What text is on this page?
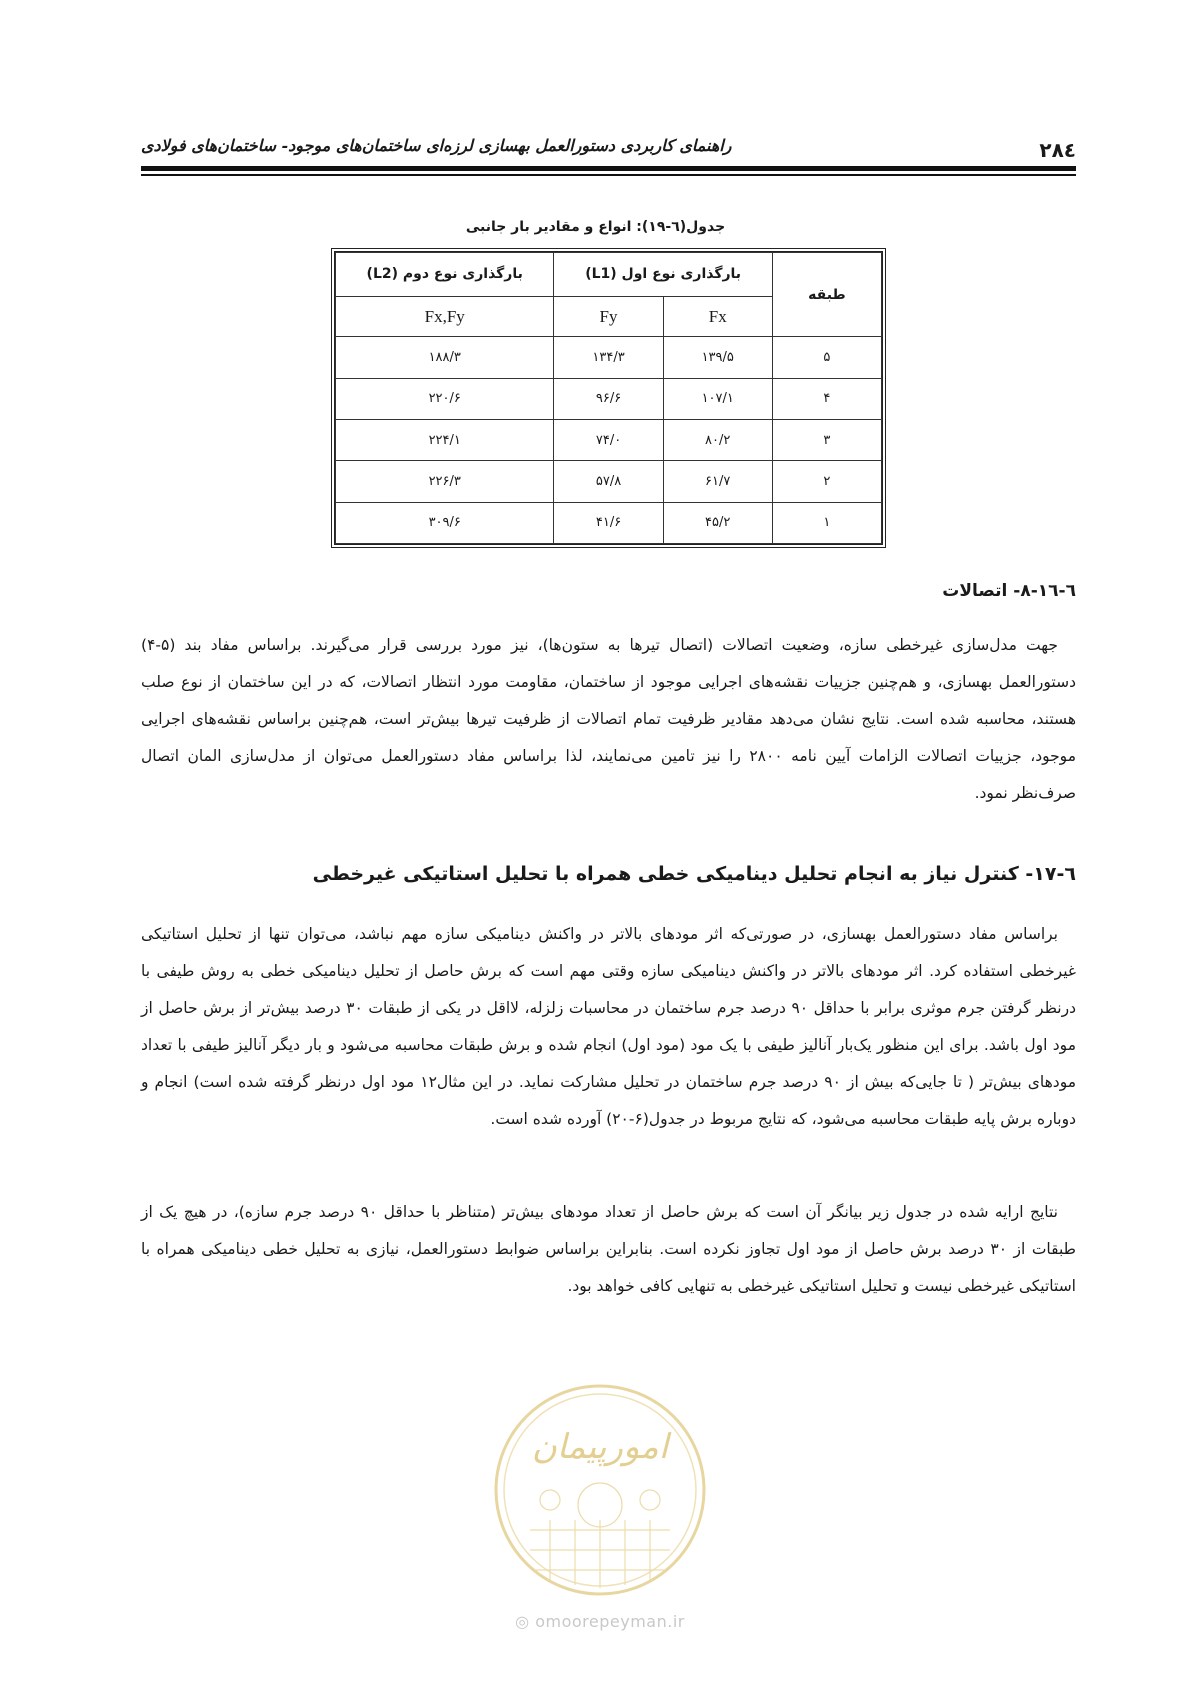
۲۸٤
راهنمای کاربردی دستورالعمل بهسازی لرزه‌ای ساختمان‌های موجود- ساختمان‌های فولادی
جدول(٦-١٩): انواع و مقادیر بار جانبی
طبقه	بارگذاری نوع اول (L1)		بارگذاری نوع دوم (L2)
	Fx	Fy	Fx,Fy
۵	۱۳۹/۵	۱۳۴/۳	۱۸۸/۳
۴	۱۰۷/۱	۹۶/۶	۲۲۰/۶
۳	۸۰/۲	۷۴/۰	۲۲۴/۱
۲	۶۱/۷	۵۷/۸	۲۲۶/۳
۱	۴۵/۲	۴۱/۶	۳۰۹/۶
٦-١٦-٨- اتصالات
جهت مدل‌سازی غیرخطی سازه، وضعیت اتصالات (اتصال تیرها به ستون‌ها)، نیز مورد بررسی قرار می‌گیرند. براساس مفاد بند (۵-۴) دستورالعمل بهسازی، و هم‌چنین جزییات نقشه‌های اجرایی موجود از ساختمان، مقاومت مورد انتظار اتصالات، که در این ساختمان از نوع صلب هستند، محاسبه شده است. نتایج نشان می‌دهد مقادیر ظرفیت تمام اتصالات از ظرفیت تیرها بیش‌تر است، هم‌چنین براساس نقشه‌های اجرایی موجود، جزییات اتصالات الزامات آیین نامه ۲۸۰۰ را نیز تامین می‌نمایند، لذا براساس مفاد دستورالعمل می‌توان از مدل‌سازی المان اتصال صرف‌نظر نمود.
٦-١٧- کنترل نیاز به انجام تحلیل دینامیکی خطی همراه با تحلیل استاتیکی غیرخطی
براساس مفاد دستورالعمل بهسازی، در صورتی‌که اثر مودهای بالاتر در واکنش دینامیکی سازه مهم نباشد، می‌توان تنها از تحلیل استاتیکی غیرخطی استفاده کرد. اثر مودهای بالاتر در واکنش دینامیکی سازه وقتی مهم است که برش حاصل از تحلیل دینامیکی خطی به روش طیفی با درنظر گرفتن جرم موثری برابر با حداقل ۹۰ درصد جرم ساختمان در محاسبات زلزله، لااقل در یکی از طبقات ۳۰ درصد بیش‌تر از برش حاصل از مود اول باشد. برای این منظور یک‌بار آنالیز طیفی با یک مود (مود اول) انجام شده و برش طبقات محاسبه می‌شود و بار دیگر آنالیز طیفی با تعداد مودهای بیش‌تر ( تا جایی‌که بیش از ۹۰ درصد جرم ساختمان در تحلیل مشارکت نماید. در این مثال۱۲ مود اول درنظر گرفته شده است) انجام و دوباره برش پایه طبقات محاسبه می‌شود، که نتایج مربوط در جدول(۶-۲۰) آورده شده است.
نتایج ارایه شده در جدول زیر بیانگر آن است که برش حاصل از تعداد مودهای بیش‌تر (متناظر با حداقل ۹۰ درصد جرم سازه)، در هیچ یک از طبقات از ۳۰ درصد برش حاصل از مود اول تجاوز نکرده است. بنابراین براساس ضوابط دستورالعمل، نیازی به تحلیل خطی دینامیکی همراه با استاتیکی غیرخطی نیست و تحلیل استاتیکی غیرخطی به تنهایی کافی خواهد بود.
امورپیمان
◎ omoorepeyman.ir
